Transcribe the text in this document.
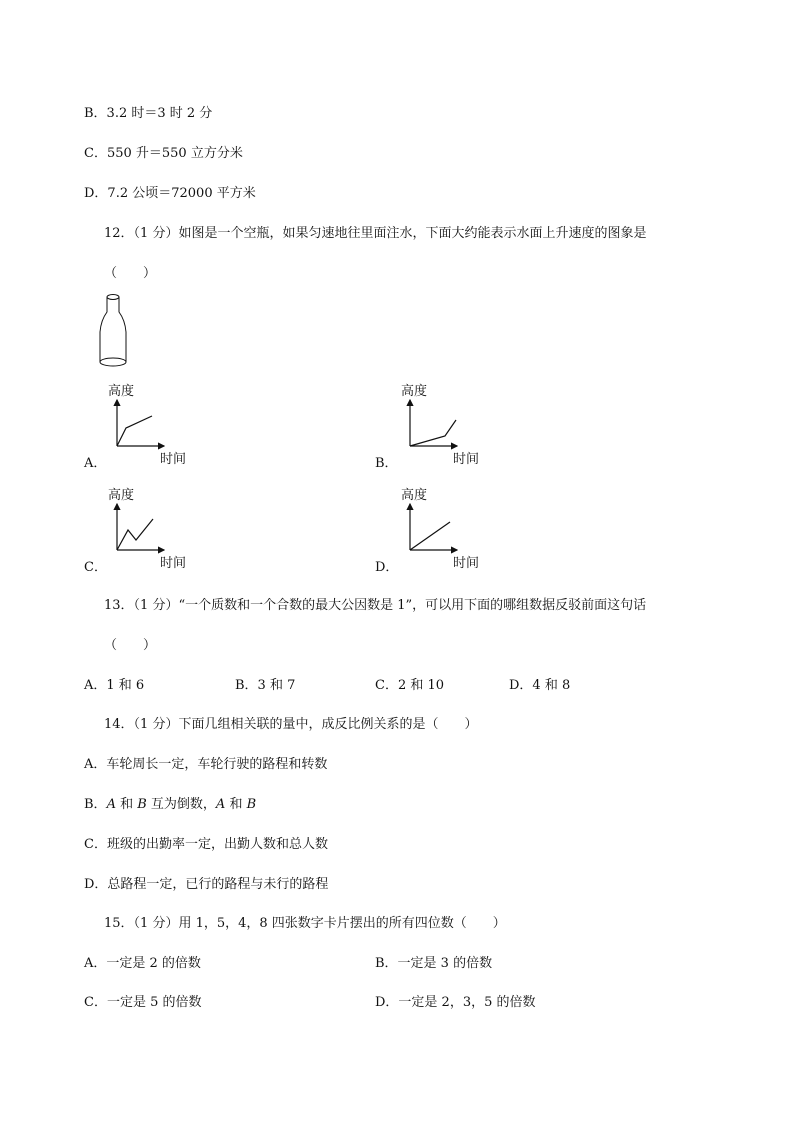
B．3.2 时＝3 时 2 分
C．550 升＝550 立方分米
D．7.2 公顷＝72000 平方米
12．（1 分）如图是一个空瓶，如果匀速地往里面注水，下面大约能表示水面上升速度的图象是
（　　）
A．
高度
时间	B．
高度
时间
C．
高度
时间	D．
高度
时间
13．（1 分）“一个质数和一个合数的最大公因数是 1”，可以用下面的哪组数据反驳前面这句话
（　　）
A．1 和 6	B．3 和 7	C．2 和 10	D．4 和 8
14．（1 分）下面几组相关联的量中，成反比例关系的是（　　）
A．车轮周长一定，车轮行驶的路程和转数
B．A 和 B 互为倒数，A 和 B
C．班级的出勤率一定，出勤人数和总人数
D．总路程一定，已行的路程与未行的路程
15．（1 分）用 1，5，4，8 四张数字卡片摆出的所有四位数（　　）
A．一定是 2 的倍数	B．一定是 3 的倍数
C．一定是 5 的倍数	D．一定是 2，3，5 的倍数
